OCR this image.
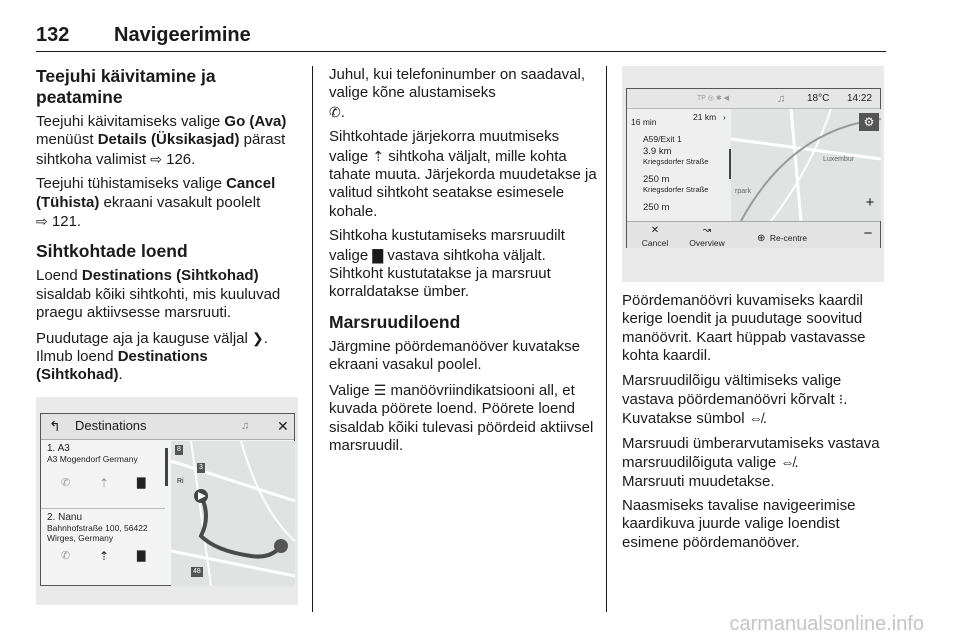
132 Navigeerimine
Teejuhi käivitamine ja peatamine

Teejuhi käivitamiseks valige Go (Ava) menüüst Details (Üksikasjad) pärast sihtkoha valimist ⇨ 126.

Teejuhi tühistamiseks valige Cancel (Tühista) ekraani vasakult poolelt
⇨ 121.

Sihtkohtade loend

Loend Destinations (Sihtkohad) sisaldab kõiki sihtkohti, mis kuuluvad praegu aktiivsesse marsruuti.

Puudutage aja ja kauguse väljal ❯. Ilmub loend Destinations (Sihtkohad).

↰ Destinations	♫ ✕
1. A3
A3 Mogendorf Germany
✆ ⇡	▇
2. Nanu
Bahnhofstraße 100, 56422
Wirges, Germany
✆ ⇡	▇
3
Ri
48
8

Juhul, kui telefoninumber on saadaval, valige kõne alustamiseks
✆.

Sihtkohtade järjekorra muutmiseks valige ⇡ sihtkoha väljalt, mille kohta tahate muuta. Järjekorda muudetakse ja valitud sihtkoht seatakse esimesele kohale.

Sihtkoha kustutamiseks marsruudilt valige ▇ vastava sihtkoha väljalt. Sihtkoht kustutatakse ja marsruut korraldatakse ümber.

Marsruudiloend

Järgmine pöördemanööver kuvatakse ekraani vasakul poolel.

Valige ☰ manöövriindikatsiooni all, et kuvada pöörete loend. Pöörete loend sisaldab kõiki tulevasi pöördeid aktiivsel marsruudil.

TP ◎ ✱ ◀	♫ 18°C 14:22
16 min	21 km ›
A59/Exit 1
3.9 km
Kriegsdorfer Straße
250 m
Kriegsdorfer Straße
250 m
Luxembur
rpark
⚙
+
✕
Cancel
↝
Overview	⊕ Re-centre	−

Pöördemanöövri kuvamiseks kaardil kerige loendit ja puudutage soovitud manöövrit. Kaart hüppab vastavasse kohta kaardil.

Marsruudilõigu vältimiseks valige vastava pöördemanöövri kõrvalt ⁝.
Kuvatakse sümbol ⇎.

Marsruudi ümberarvutamiseks vastava marsruudilõiguta valige ⇎.
Marsruuti muudetakse.

Naasmiseks tavalise navigeerimise kaardikuva juurde valige loendist esimene pöördemanööver.

carmanualsonline.info
